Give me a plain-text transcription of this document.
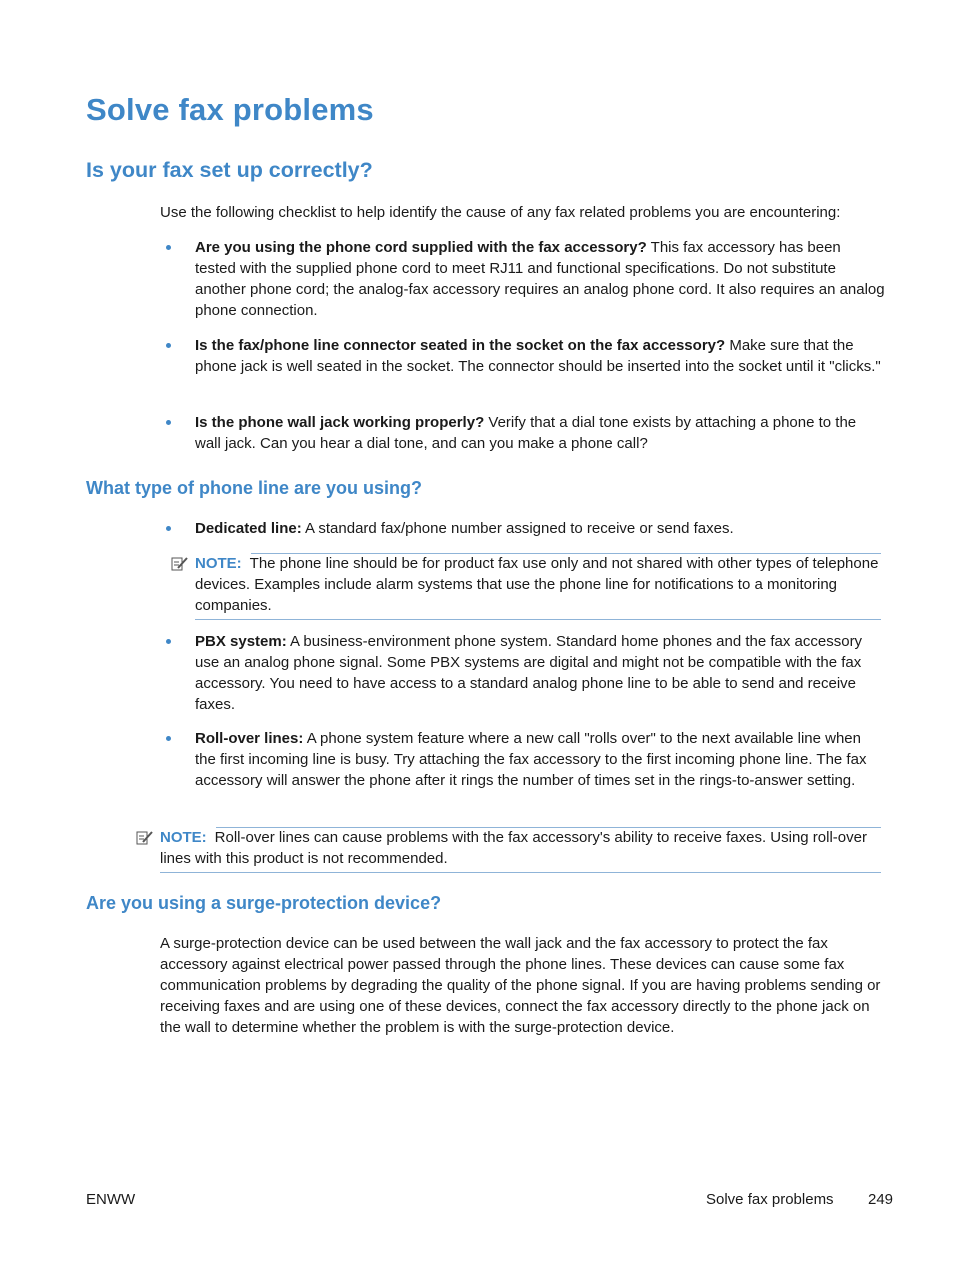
Solve fax problems
Is your fax set up correctly?

Use the following checklist to help identify the cause of any fax related problems you are encountering:

Are you using the phone cord supplied with the fax accessory? This fax accessory has been tested with the supplied phone cord to meet RJ11 and functional specifications. Do not substitute another phone cord; the analog-fax accessory requires an analog phone cord. It also requires an analog phone connection.
Is the fax/phone line connector seated in the socket on the fax accessory? Make sure that the phone jack is well seated in the socket. The connector should be inserted into the socket until it "clicks."
Is the phone wall jack working properly? Verify that a dial tone exists by attaching a phone to the wall jack. Can you hear a dial tone, and can you make a phone call?
What type of phone line are you using?
Dedicated line: A standard fax/phone number assigned to receive or send faxes.
NOTE: The phone line should be for product fax use only and not shared with other types of telephone devices. Examples include alarm systems that use the phone line for notifications to a monitoring companies.
PBX system: A business-environment phone system. Standard home phones and the fax accessory use an analog phone signal. Some PBX systems are digital and might not be compatible with the fax accessory. You need to have access to a standard analog phone line to be able to send and receive faxes.
Roll-over lines: A phone system feature where a new call "rolls over" to the next available line when the first incoming line is busy. Try attaching the fax accessory to the first incoming phone line. The fax accessory will answer the phone after it rings the number of times set in the rings-to-answer setting.
NOTE: Roll-over lines can cause problems with the fax accessory's ability to receive faxes. Using roll-over lines with this product is not recommended.
Are you using a surge-protection device?

A surge-protection device can be used between the wall jack and the fax accessory to protect the fax accessory against electrical power passed through the phone lines. These devices can cause some fax communication problems by degrading the quality of the phone signal. If you are having problems sending or receiving faxes and are using one of these devices, connect the fax accessory directly to the phone jack on the wall to determine whether the problem is with the surge-protection device.

ENWW	Solve fax problems 249
